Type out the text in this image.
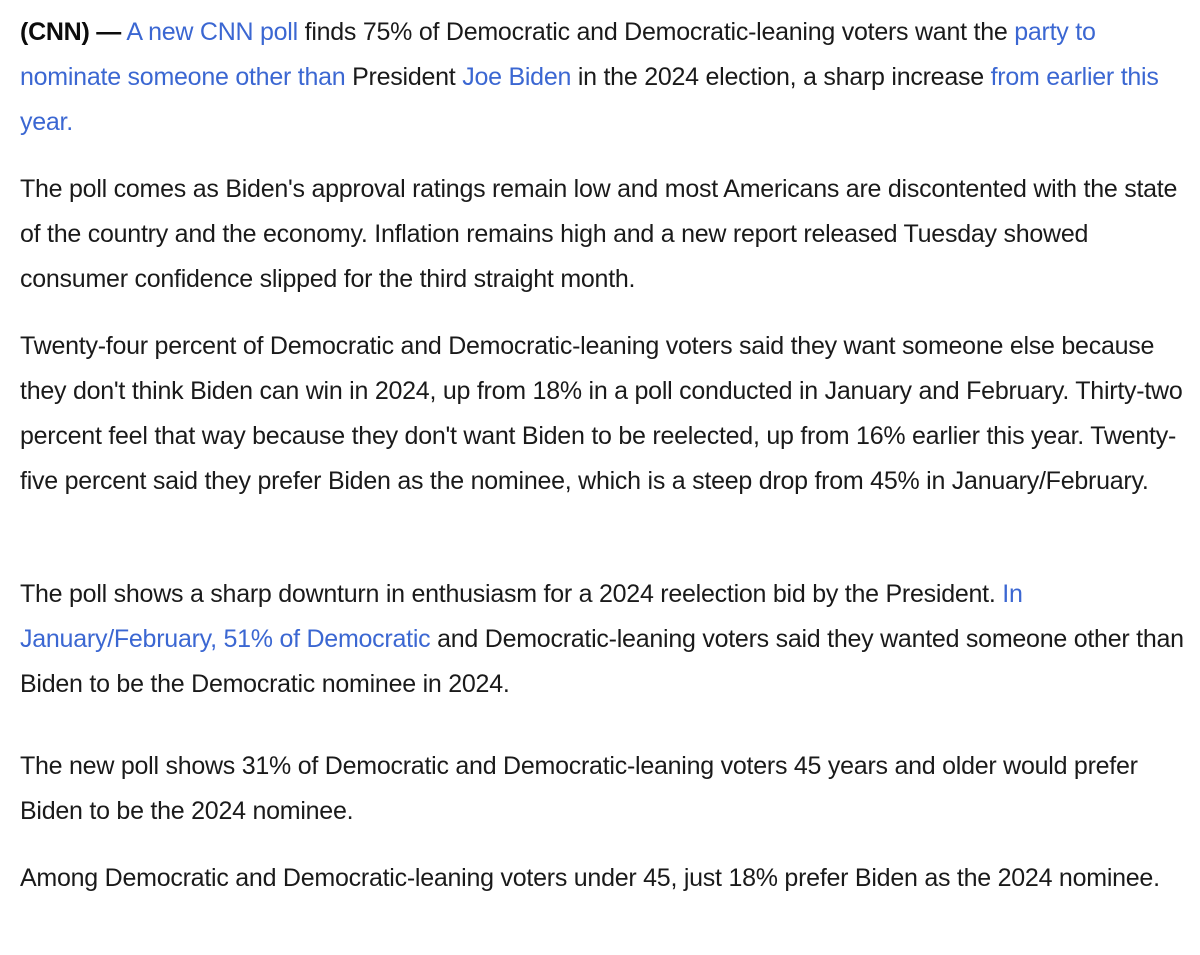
(CNN) — A new CNN poll finds 75% of Democratic and Democratic-leaning voters want the party to nominate someone other than President Joe Biden in the 2024 election, a sharp increase from earlier this year.

The poll comes as Biden's approval ratings remain low and most Americans are discontented with the state of the country and the economy. Inflation remains high and a new report released Tuesday showed consumer confidence slipped for the third straight month.

Twenty-four percent of Democratic and Democratic-leaning voters said they want someone else because they don't think Biden can win in 2024, up from 18% in a poll conducted in January and February. Thirty-two percent feel that way because they don't want Biden to be reelected, up from 16% earlier this year. Twenty-five percent said they prefer Biden as the nominee, which is a steep drop from 45% in January/February.

The poll shows a sharp downturn in enthusiasm for a 2024 reelection bid by the President. In January/February, 51% of Democratic and Democratic-leaning voters said they wanted someone other than Biden to be the Democratic nominee in 2024.

The new poll shows 31% of Democratic and Democratic-leaning voters 45 years and older would prefer Biden to be the 2024 nominee.

Among Democratic and Democratic-leaning voters under 45, just 18% prefer Biden as the 2024 nominee.
